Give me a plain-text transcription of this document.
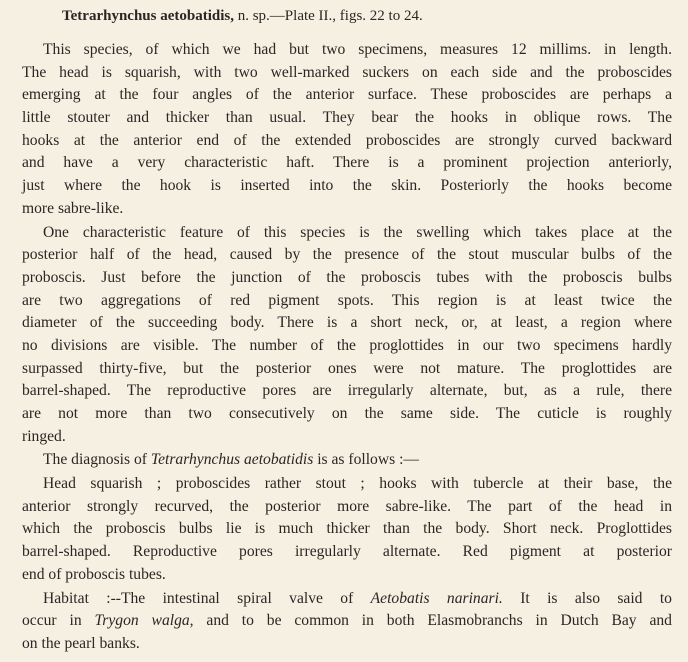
Tetrarhynchus aetobatidis, n. sp.—Plate II., figs. 22 to 24.
This species, of which we had but two specimens, measures 12 millims. in length.
The head is squarish, with two well-marked suckers on each side and the proboscides
emerging at the four angles of the anterior surface. These proboscides are perhaps a
little stouter and thicker than usual. They bear the hooks in oblique rows. The
hooks at the anterior end of the extended proboscides are strongly curved backward
and have a very characteristic haft. There is a prominent projection anteriorly,
just where the hook is inserted into the skin. Posteriorly the hooks become
more sabre-like.
One characteristic feature of this species is the swelling which takes place at the
posterior half of the head, caused by the presence of the stout muscular bulbs of the
proboscis. Just before the junction of the proboscis tubes with the proboscis bulbs
are two aggregations of red pigment spots. This region is at least twice the
diameter of the succeeding body. There is a short neck, or, at least, a region where
no divisions are visible. The number of the proglottides in our two specimens hardly
surpassed thirty-five, but the posterior ones were not mature. The proglottides are
barrel-shaped. The reproductive pores are irregularly alternate, but, as a rule, there
are not more than two consecutively on the same side. The cuticle is roughly
ringed.
The diagnosis of Tetrarhynchus aetobatidis is as follows :—
Head squarish ; proboscides rather stout ; hooks with tubercle at their base, the
anterior strongly recurved, the posterior more sabre-like. The part of the head in
which the proboscis bulbs lie is much thicker than the body. Short neck. Proglottides
barrel-shaped. Reproductive pores irregularly alternate. Red pigment at posterior
end of proboscis tubes.
Habitat :--The intestinal spiral valve of Aetobatis narinari. It is also said to
occur in Trygon walga, and to be common in both Elasmobranchs in Dutch Bay and
on the pearl banks.
